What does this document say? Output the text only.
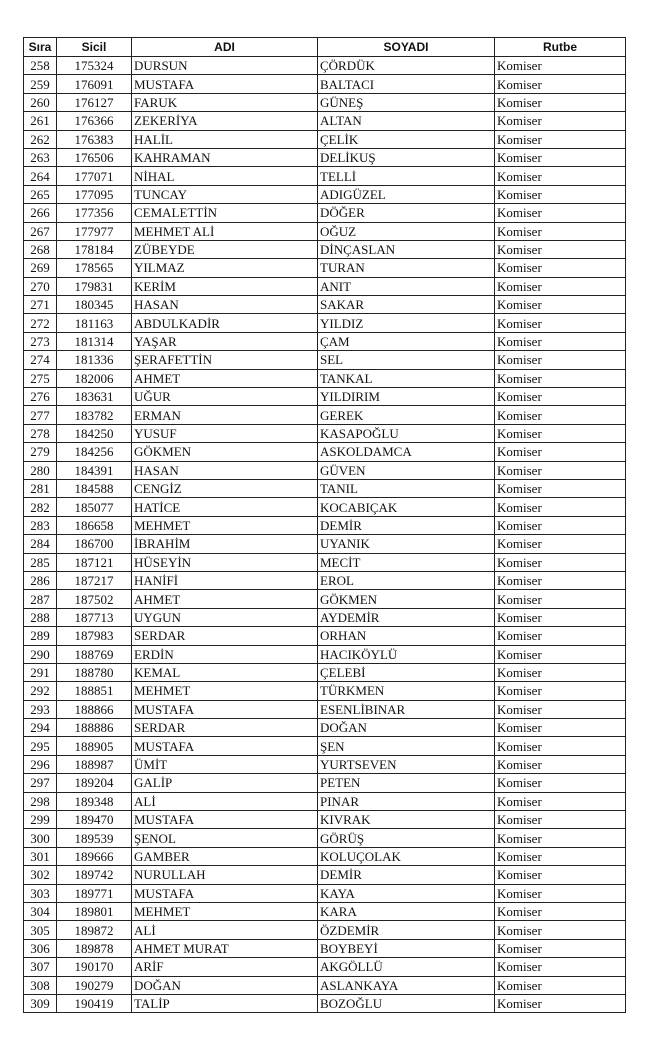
Sıra	Sicil	ADI	SOYADI	Rutbe
258	175324	DURSUN	ÇÖRDÜK	Komiser
259	176091	MUSTAFA	BALTACI	Komiser
260	176127	FARUK	GÜNEŞ	Komiser
261	176366	ZEKERİYA	ALTAN	Komiser
262	176383	HALİL	ÇELİK	Komiser
263	176506	KAHRAMAN	DELİKUŞ	Komiser
264	177071	NİHAL	TELLİ	Komiser
265	177095	TUNCAY	ADIGÜZEL	Komiser
266	177356	CEMALETTİN	DÖĞER	Komiser
267	177977	MEHMET ALİ	OĞUZ	Komiser
268	178184	ZÜBEYDE	DİNÇASLAN	Komiser
269	178565	YILMAZ	TURAN	Komiser
270	179831	KERİM	ANIT	Komiser
271	180345	HASAN	SAKAR	Komiser
272	181163	ABDULKADİR	YILDIZ	Komiser
273	181314	YAŞAR	ÇAM	Komiser
274	181336	ŞERAFETTİN	SEL	Komiser
275	182006	AHMET	TANKAL	Komiser
276	183631	UĞUR	YILDIRIM	Komiser
277	183782	ERMAN	GEREK	Komiser
278	184250	YUSUF	KASAPOĞLU	Komiser
279	184256	GÖKMEN	ASKOLDAMCA	Komiser
280	184391	HASAN	GÜVEN	Komiser
281	184588	CENGİZ	TANIL	Komiser
282	185077	HATİCE	KOCABIÇAK	Komiser
283	186658	MEHMET	DEMİR	Komiser
284	186700	İBRAHİM	UYANIK	Komiser
285	187121	HÜSEYİN	MECİT	Komiser
286	187217	HANİFİ	EROL	Komiser
287	187502	AHMET	GÖKMEN	Komiser
288	187713	UYGUN	AYDEMİR	Komiser
289	187983	SERDAR	ORHAN	Komiser
290	188769	ERDİN	HACIKÖYLÜ	Komiser
291	188780	KEMAL	ÇELEBİ	Komiser
292	188851	MEHMET	TÜRKMEN	Komiser
293	188866	MUSTAFA	ESENLİBINAR	Komiser
294	188886	SERDAR	DOĞAN	Komiser
295	188905	MUSTAFA	ŞEN	Komiser
296	188987	ÜMİT	YURTSEVEN	Komiser
297	189204	GALİP	PETEN	Komiser
298	189348	ALİ	PINAR	Komiser
299	189470	MUSTAFA	KIVRAK	Komiser
300	189539	ŞENOL	GÖRÜŞ	Komiser
301	189666	GAMBER	KOLUÇOLAK	Komiser
302	189742	NURULLAH	DEMİR	Komiser
303	189771	MUSTAFA	KAYA	Komiser
304	189801	MEHMET	KARA	Komiser
305	189872	ALİ	ÖZDEMİR	Komiser
306	189878	AHMET MURAT	BOYBEYİ	Komiser
307	190170	ARİF	AKGÖLLÜ	Komiser
308	190279	DOĞAN	ASLANKAYA	Komiser
309	190419	TALİP	BOZOĞLU	Komiser
